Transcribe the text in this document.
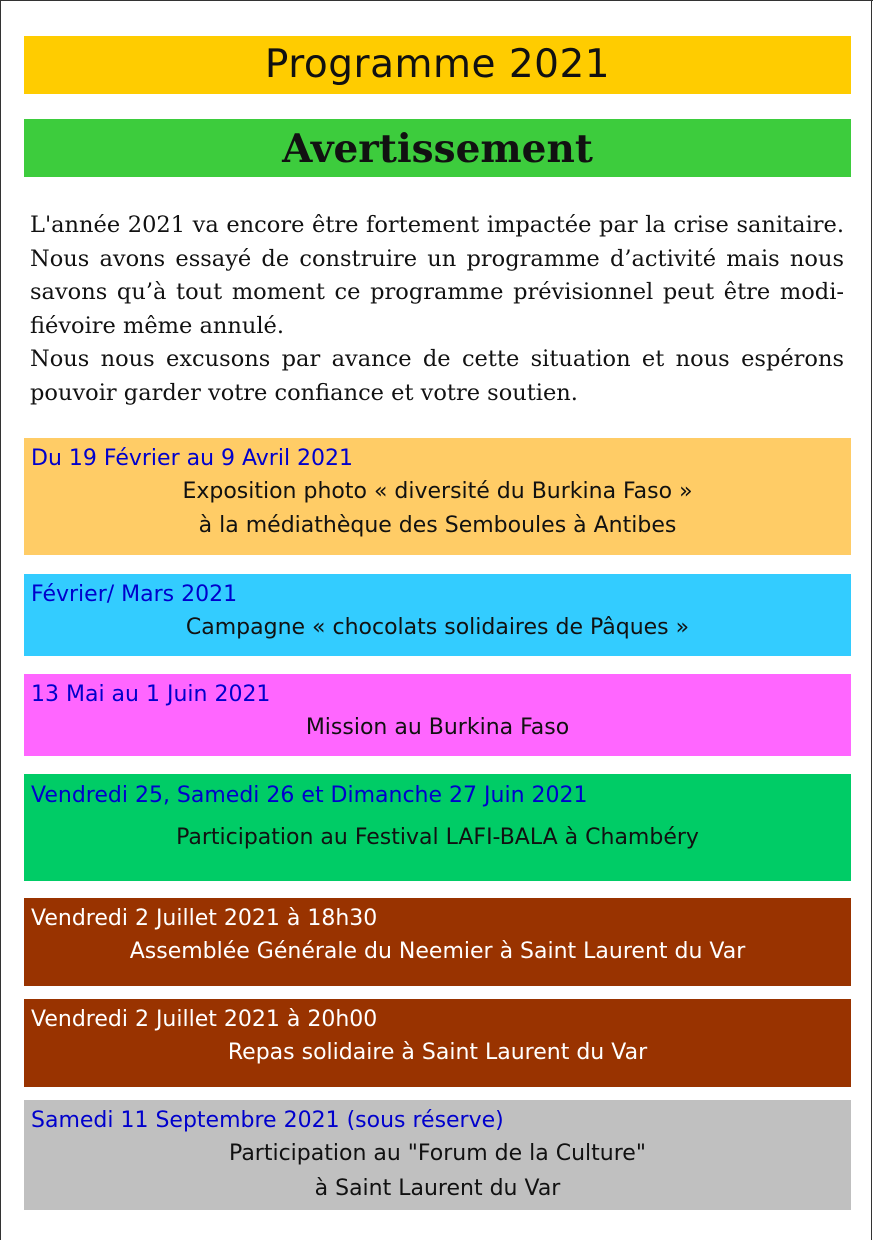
Programme 2021
Avertissement

L'année 2021 va encore être fortement impactée par la crise sanitaire.

Nous avons essayé de construire un programme d’activité mais nous

savons qu’à tout moment ce programme prévisionnel peut être modi-

fiévoire même annulé.

Nous nous excusons par avance de cette situation et nous espérons

pouvoir garder votre confiance et votre soutien.

Du 19 Février au 9 Avril 2021
Exposition photo « diversité du Burkina Faso »
à la médiathèque des Semboules à Antibes
Février/ Mars 2021
Campagne « chocolats solidaires de Pâques »
13 Mai au 1 Juin 2021
Mission au Burkina Faso
Vendredi 25, Samedi 26 et Dimanche 27 Juin 2021
Participation au Festival LAFI-BALA à Chambéry
Vendredi 2 Juillet 2021 à 18h30
Assemblée Générale du Neemier à Saint Laurent du Var
Vendredi 2 Juillet 2021 à 20h00
Repas solidaire à Saint Laurent du Var
Samedi 11 Septembre 2021 (sous réserve)
Participation au "Forum de la Culture"
à Saint Laurent du Var
